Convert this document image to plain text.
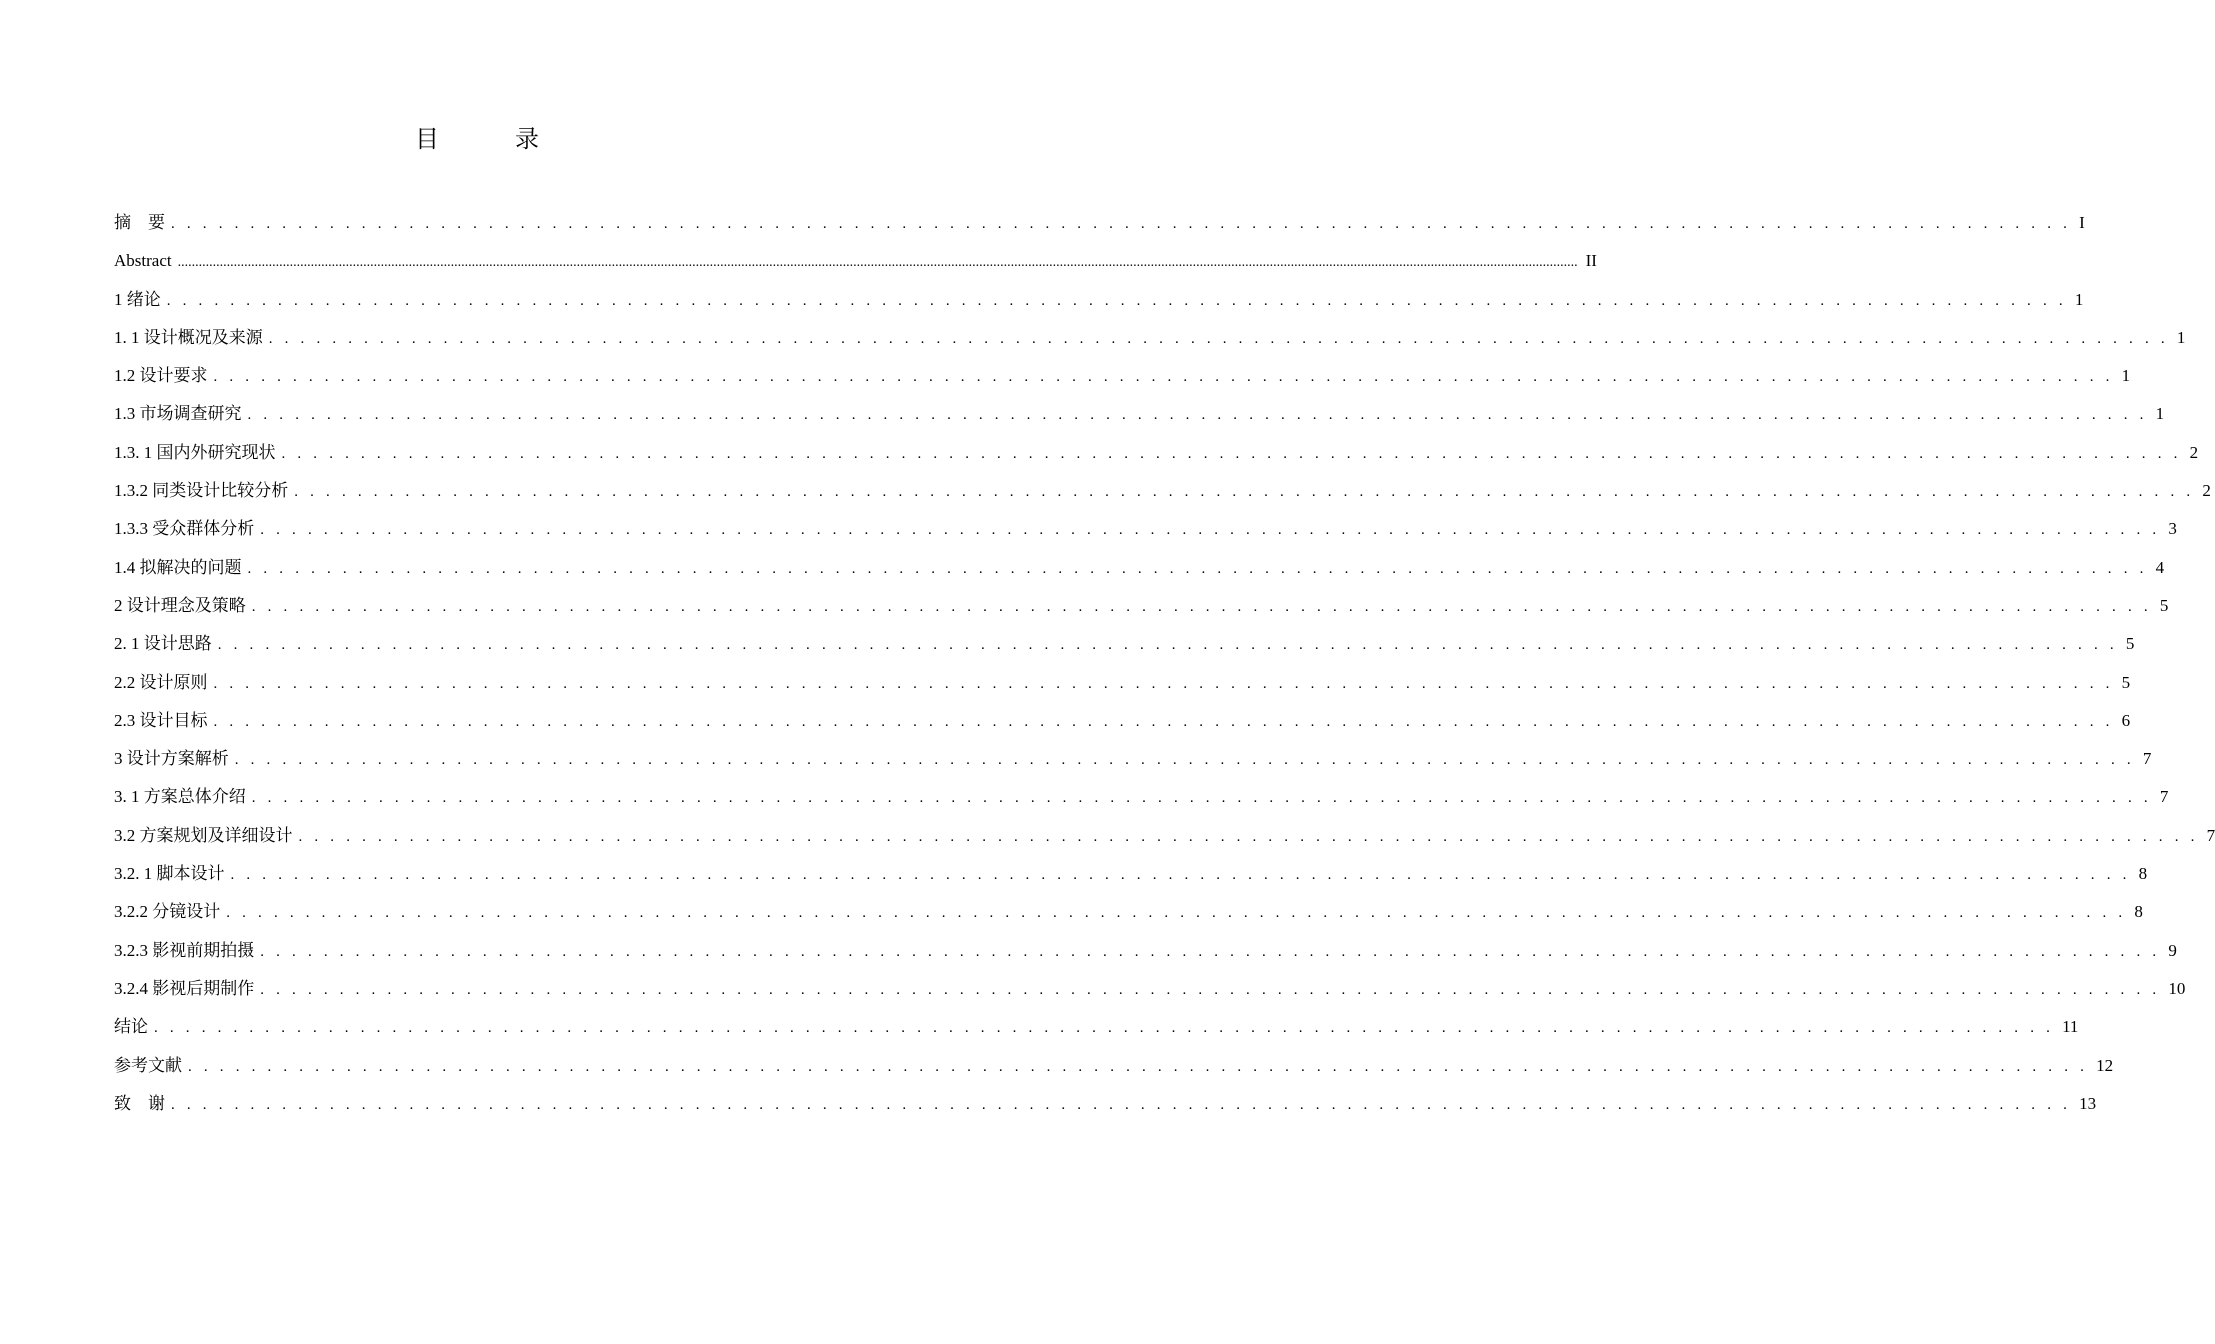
目　录
摘　要 . . . . . . . . . . . . . . . . . . . . . . . . . . . . . . . . . . . . . . . . . . . . . . . . . . . . . . . . . . . . . . . . . . . . . . . . . . . . . . . . . . . . . . . . . . . . . . . . . . . . . . . . . . . . . . . . . . . . . . . . I
Abstract ................................................................................................................................................................................................................................................................................................................................................................................................................ II
1 绪论 . . . . . . . . . . . . . . . . . . . . . . . . . . . . . . . . . . . . . . . . . . . . . . . . . . . . . . . . . . . . . . . . . . . . . . . . . . . . . . . . . . . . . . . . . . . . . . . . . . . . . . . . . . . . . . . . . . . . . . . . 1
1. 1 设计概况及来源 . . . . . . . . . . . . . . . . . . . . . . . . . . . . . . . . . . . . . . . . . . . . . . . . . . . . . . . . . . . . . . . . . . . . . . . . . . . . . . . . . . . . . . . . . . . . . . . . . . . . . . . . . . . . . . . . . . . . . . . . 1
1.2 设计要求 . . . . . . . . . . . . . . . . . . . . . . . . . . . . . . . . . . . . . . . . . . . . . . . . . . . . . . . . . . . . . . . . . . . . . . . . . . . . . . . . . . . . . . . . . . . . . . . . . . . . . . . . . . . . . . . . . . . . . . . . 1
1.3 市场调查研究 . . . . . . . . . . . . . . . . . . . . . . . . . . . . . . . . . . . . . . . . . . . . . . . . . . . . . . . . . . . . . . . . . . . . . . . . . . . . . . . . . . . . . . . . . . . . . . . . . . . . . . . . . . . . . . . . . . . . . . . . 1
1.3. 1 国内外研究现状 . . . . . . . . . . . . . . . . . . . . . . . . . . . . . . . . . . . . . . . . . . . . . . . . . . . . . . . . . . . . . . . . . . . . . . . . . . . . . . . . . . . . . . . . . . . . . . . . . . . . . . . . . . . . . . . . . . . . . . . . 2
1.3.2 同类设计比较分析 . . . . . . . . . . . . . . . . . . . . . . . . . . . . . . . . . . . . . . . . . . . . . . . . . . . . . . . . . . . . . . . . . . . . . . . . . . . . . . . . . . . . . . . . . . . . . . . . . . . . . . . . . . . . . . . . . . . . . . . . 2
1.3.3 受众群体分析 . . . . . . . . . . . . . . . . . . . . . . . . . . . . . . . . . . . . . . . . . . . . . . . . . . . . . . . . . . . . . . . . . . . . . . . . . . . . . . . . . . . . . . . . . . . . . . . . . . . . . . . . . . . . . . . . . . . . . . . . 3
1.4 拟解决的问题 . . . . . . . . . . . . . . . . . . . . . . . . . . . . . . . . . . . . . . . . . . . . . . . . . . . . . . . . . . . . . . . . . . . . . . . . . . . . . . . . . . . . . . . . . . . . . . . . . . . . . . . . . . . . . . . . . . . . . . . . 4
2 设计理念及策略 . . . . . . . . . . . . . . . . . . . . . . . . . . . . . . . . . . . . . . . . . . . . . . . . . . . . . . . . . . . . . . . . . . . . . . . . . . . . . . . . . . . . . . . . . . . . . . . . . . . . . . . . . . . . . . . . . . . . . . . . 5
2. 1 设计思路 . . . . . . . . . . . . . . . . . . . . . . . . . . . . . . . . . . . . . . . . . . . . . . . . . . . . . . . . . . . . . . . . . . . . . . . . . . . . . . . . . . . . . . . . . . . . . . . . . . . . . . . . . . . . . . . . . . . . . . . . 5
2.2 设计原则 . . . . . . . . . . . . . . . . . . . . . . . . . . . . . . . . . . . . . . . . . . . . . . . . . . . . . . . . . . . . . . . . . . . . . . . . . . . . . . . . . . . . . . . . . . . . . . . . . . . . . . . . . . . . . . . . . . . . . . . . 5
2.3 设计目标 . . . . . . . . . . . . . . . . . . . . . . . . . . . . . . . . . . . . . . . . . . . . . . . . . . . . . . . . . . . . . . . . . . . . . . . . . . . . . . . . . . . . . . . . . . . . . . . . . . . . . . . . . . . . . . . . . . . . . . . . 6
3 设计方案解析 . . . . . . . . . . . . . . . . . . . . . . . . . . . . . . . . . . . . . . . . . . . . . . . . . . . . . . . . . . . . . . . . . . . . . . . . . . . . . . . . . . . . . . . . . . . . . . . . . . . . . . . . . . . . . . . . . . . . . . . . 7
3. 1 方案总体介绍 . . . . . . . . . . . . . . . . . . . . . . . . . . . . . . . . . . . . . . . . . . . . . . . . . . . . . . . . . . . . . . . . . . . . . . . . . . . . . . . . . . . . . . . . . . . . . . . . . . . . . . . . . . . . . . . . . . . . . . . . 7
3.2 方案规划及详细设计 . . . . . . . . . . . . . . . . . . . . . . . . . . . . . . . . . . . . . . . . . . . . . . . . . . . . . . . . . . . . . . . . . . . . . . . . . . . . . . . . . . . . . . . . . . . . . . . . . . . . . . . . . . . . . . . . . . . . . . . . 7
3.2. 1 脚本设计 . . . . . . . . . . . . . . . . . . . . . . . . . . . . . . . . . . . . . . . . . . . . . . . . . . . . . . . . . . . . . . . . . . . . . . . . . . . . . . . . . . . . . . . . . . . . . . . . . . . . . . . . . . . . . . . . . . . . . . . . 8
3.2.2 分镜设计 . . . . . . . . . . . . . . . . . . . . . . . . . . . . . . . . . . . . . . . . . . . . . . . . . . . . . . . . . . . . . . . . . . . . . . . . . . . . . . . . . . . . . . . . . . . . . . . . . . . . . . . . . . . . . . . . . . . . . . . . 8
3.2.3 影视前期拍摄 . . . . . . . . . . . . . . . . . . . . . . . . . . . . . . . . . . . . . . . . . . . . . . . . . . . . . . . . . . . . . . . . . . . . . . . . . . . . . . . . . . . . . . . . . . . . . . . . . . . . . . . . . . . . . . . . . . . . . . . . 9
3.2.4 影视后期制作 . . . . . . . . . . . . . . . . . . . . . . . . . . . . . . . . . . . . . . . . . . . . . . . . . . . . . . . . . . . . . . . . . . . . . . . . . . . . . . . . . . . . . . . . . . . . . . . . . . . . . . . . . . . . . . . . . . . . . . . . 10
结论 . . . . . . . . . . . . . . . . . . . . . . . . . . . . . . . . . . . . . . . . . . . . . . . . . . . . . . . . . . . . . . . . . . . . . . . . . . . . . . . . . . . . . . . . . . . . . . . . . . . . . . . . . . . . . . . . . . . . . . . . 11
参考文献 . . . . . . . . . . . . . . . . . . . . . . . . . . . . . . . . . . . . . . . . . . . . . . . . . . . . . . . . . . . . . . . . . . . . . . . . . . . . . . . . . . . . . . . . . . . . . . . . . . . . . . . . . . . . . . . . . . . . . . . . 12
致　谢 . . . . . . . . . . . . . . . . . . . . . . . . . . . . . . . . . . . . . . . . . . . . . . . . . . . . . . . . . . . . . . . . . . . . . . . . . . . . . . . . . . . . . . . . . . . . . . . . . . . . . . . . . . . . . . . . . . . . . . . . 13
